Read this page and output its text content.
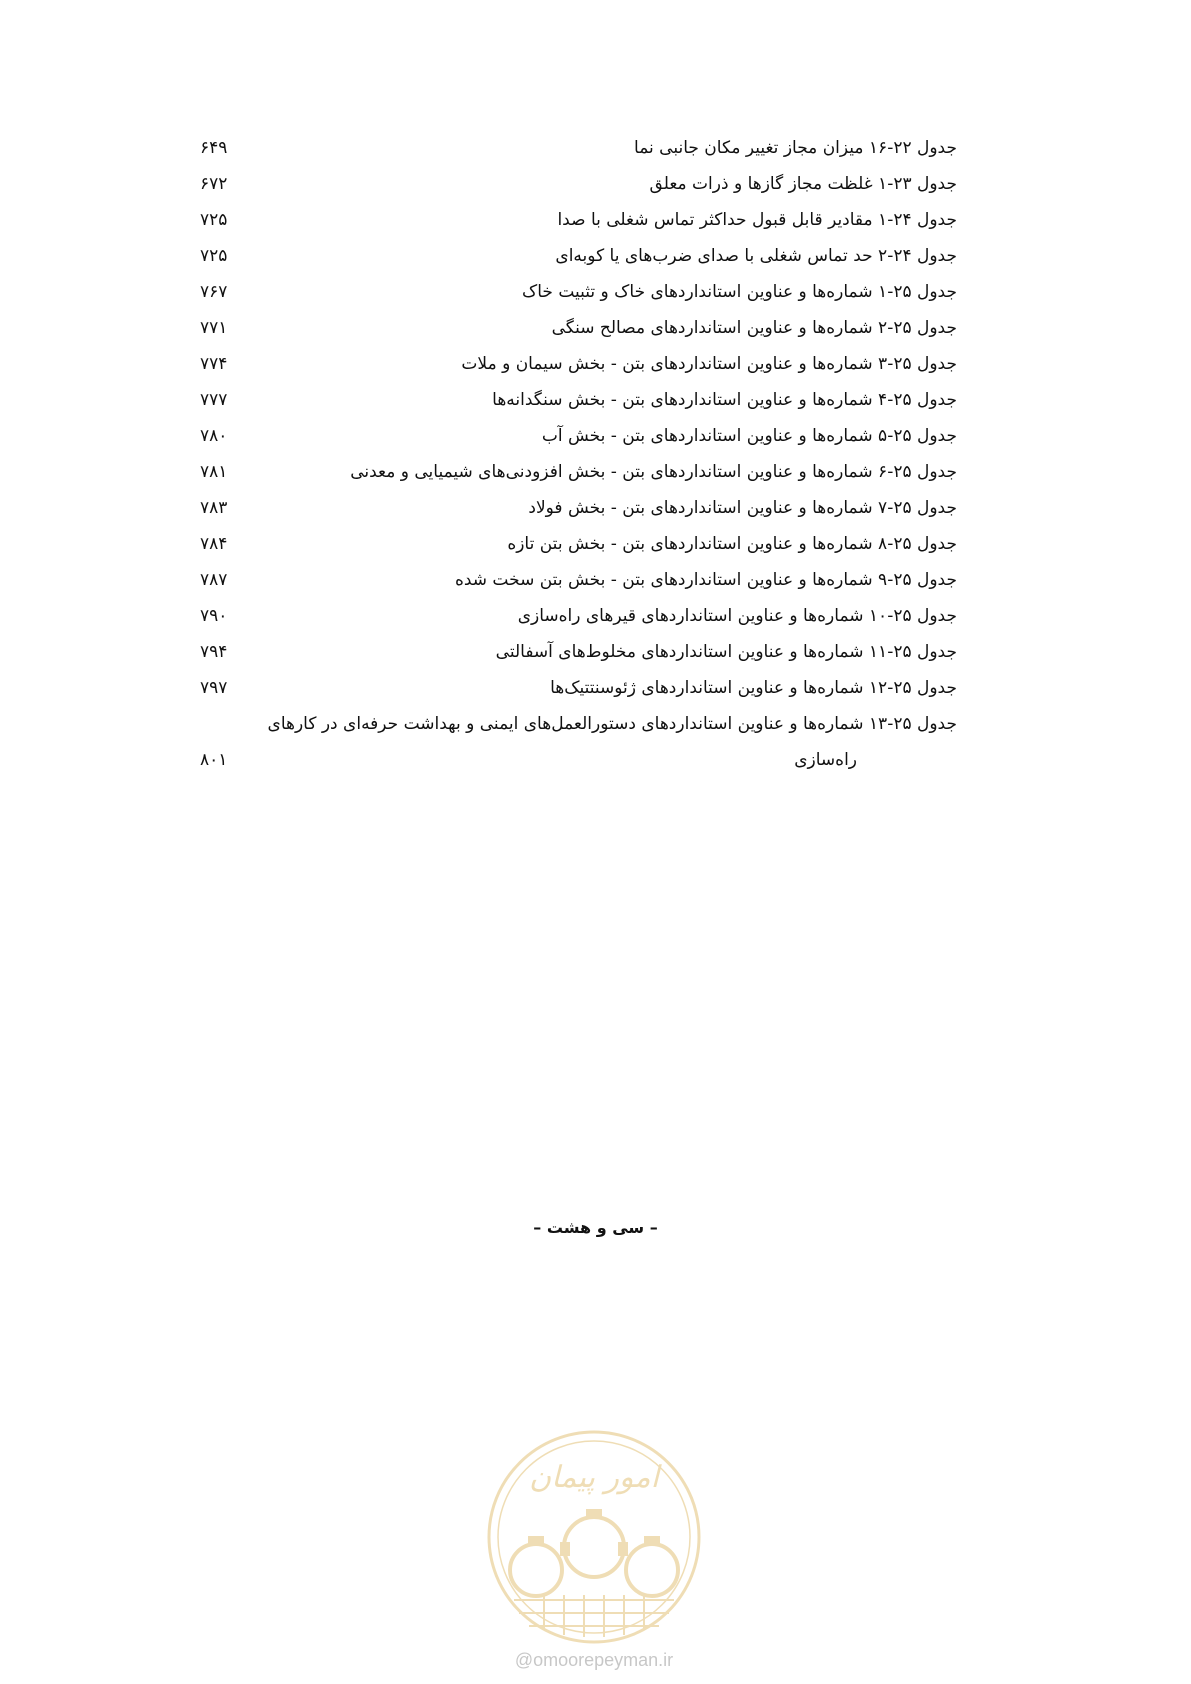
جدول ۲۲-۱۶ میزان مجاز تغییر مکان جانبی نما
۶۴۹
جدول ۲۳-۱ غلظت مجاز گازها و ذرات معلق
۶۷۲
جدول ۲۴-۱ مقادیر قابل قبول حداکثر تماس شغلی با صدا
۷۲۵
جدول ۲۴-۲ حد تماس شغلی با صدای ضرب‌های یا کوبه‌ای
۷۲۵
جدول ۲۵-۱ شماره‌ها و عناوین استانداردهای خاک و تثبیت خاک
۷۶۷
جدول ۲۵-۲ شماره‌ها و عناوین استانداردهای مصالح سنگی
۷۷۱
جدول ۲۵-۳ شماره‌ها و عناوین استانداردهای بتن - بخش سیمان و ملات
۷۷۴
جدول ۲۵-۴ شماره‌ها و عناوین استانداردهای بتن - بخش سنگدانه‌ها
۷۷۷
جدول ۲۵-۵ شماره‌ها و عناوین استانداردهای بتن - بخش آب
۷۸۰
جدول ۲۵-۶ شماره‌ها و عناوین استانداردهای بتن - بخش افزودنی‌های شیمیایی و معدنی
۷۸۱
جدول ۲۵-۷ شماره‌ها و عناوین استانداردهای بتن - بخش فولاد
۷۸۳
جدول ۲۵-۸ شماره‌ها و عناوین استانداردهای بتن - بخش بتن تازه
۷۸۴
جدول ۲۵-۹ شماره‌ها و عناوین استانداردهای بتن - بخش بتن سخت شده
۷۸۷
جدول ۲۵-۱۰ شماره‌ها و عناوین استانداردهای قیرهای راه‌سازی
۷۹۰
جدول ۲۵-۱۱ شماره‌ها و عناوین استانداردهای مخلوط‌های آسفالتی
۷۹۴
جدول ۲۵-۱۲ شماره‌ها و عناوین استانداردهای ژئوسنتتیک‌ها
۷۹۷
جدول ۲۵-۱۳ شماره‌ها و عناوین استانداردهای دستورالعمل‌های ایمنی و بهداشت حرفه‌ای در کارهای
راه‌سازی
۸۰۱
– سی و هشت –
امور پیمان
@omoorepeyman.ir
